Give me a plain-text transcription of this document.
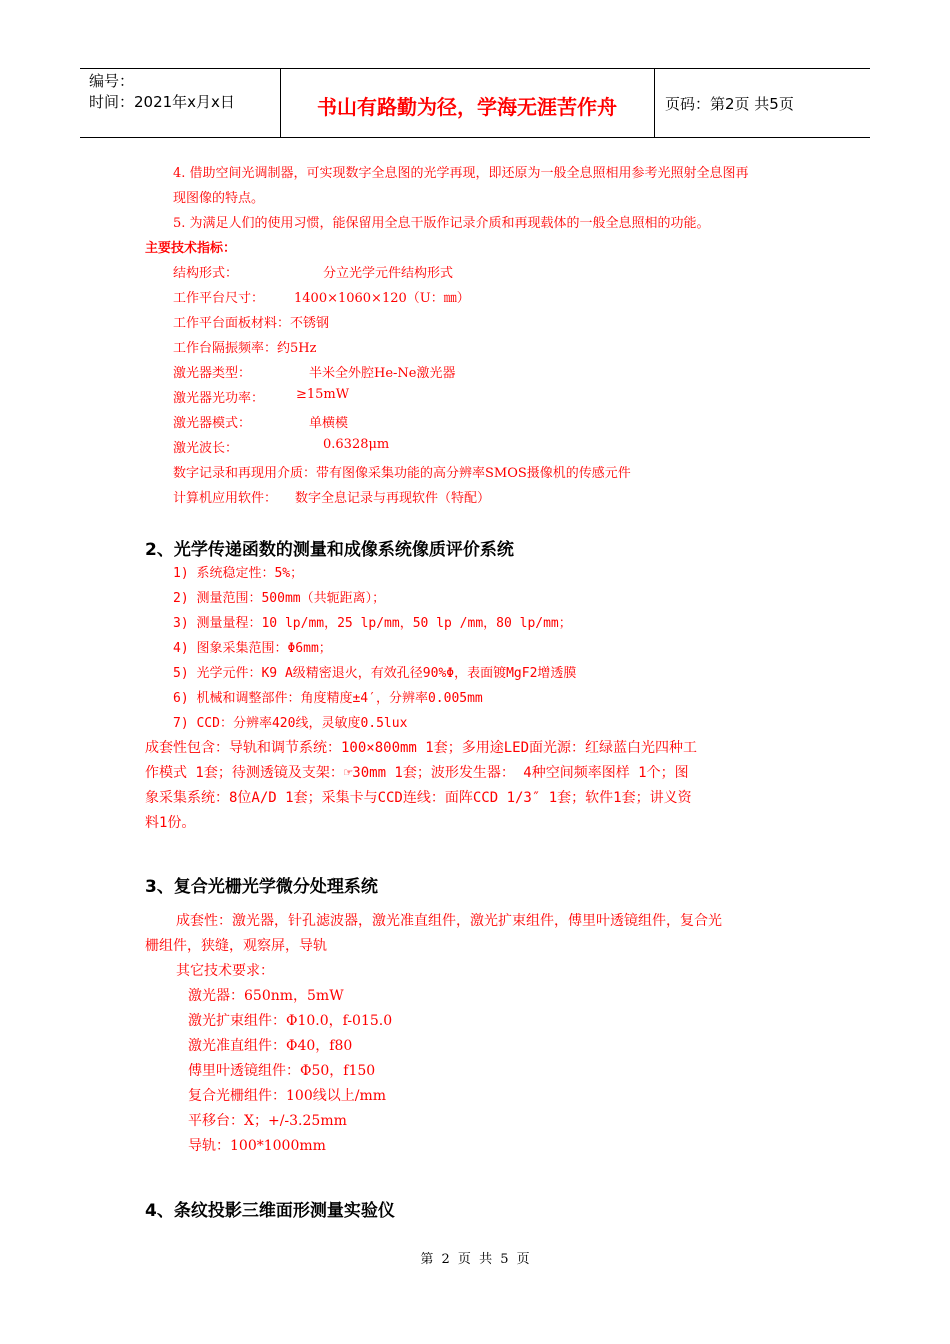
编号：
时间：2021年x月x日	书山有路勤为径，学海无涯苦作舟	页码：第2页 共5页
4. 借助空间光调制器，可实现数字全息图的光学再现，即还原为一般全息照相用参考光照射全息图再
现图像的特点。
5. 为满足人们的使用习惯，能保留用全息干版作记录介质和再现载体的一般全息照相的功能。
主要技术指标：
结构形式：	分立光学元件结构形式
工作平台尺寸： 1400×1060×120（U：㎜）
工作平台面板材料：不锈钢
工作台隔振频率：约5Hz
激光器类型：	半米全外腔He-Ne激光器
激光器光功率： ≥15mW
激光器模式：	单横模
激光波长：	0.6328μm
数字记录和再现用介质：带有图像采集功能的高分辨率SMOS摄像机的传感元件
计算机应用软件： 数字全息记录与再现软件（特配）
2、光学传递函数的测量和成像系统像质评价系统
1) 系统稳定性：5%；
2) 测量范围：500mm（共轭距离）；
3) 测量量程：10 lp/mm，25 lp/mm，50 lp /mm，80 lp/mm；
4) 图象采集范围：Φ6mm；
5) 光学元件：K9 A级精密退火，有效孔径90%Φ，表面镀MgF2增透膜
6) 机械和调整部件：角度精度±4′，分辨率0.005mm
7) CCD：分辨率420线，灵敏度0.5lux
成套性包含：导轨和调节系统：100×800mm 1套；多用途LED面光源：红绿蓝白光四种工
作模式 1套；待测透镜及支架：☞30mm 1套；波形发生器： 4种空间频率图样 1个；图
象采集系统：8位A/D 1套；采集卡与CCD连线：面阵CCD 1/3″ 1套；软件1套；讲义资
料1份。
3、复合光栅光学微分处理系统
成套性：激光器，针孔滤波器，激光准直组件，激光扩束组件，傅里叶透镜组件，复合光
栅组件，狭缝，观察屏，导轨
其它技术要求：
激光器：650nm，5mW
激光扩束组件：Φ10.0，f-015.0
激光准直组件：Φ40，f80
傅里叶透镜组件：Φ50，f150
复合光栅组件：100线以上/mm
平移台：X；+/-3.25mm
导轨：100*1000mm
4、条纹投影三维面形测量实验仪
第 2 页 共 5 页
